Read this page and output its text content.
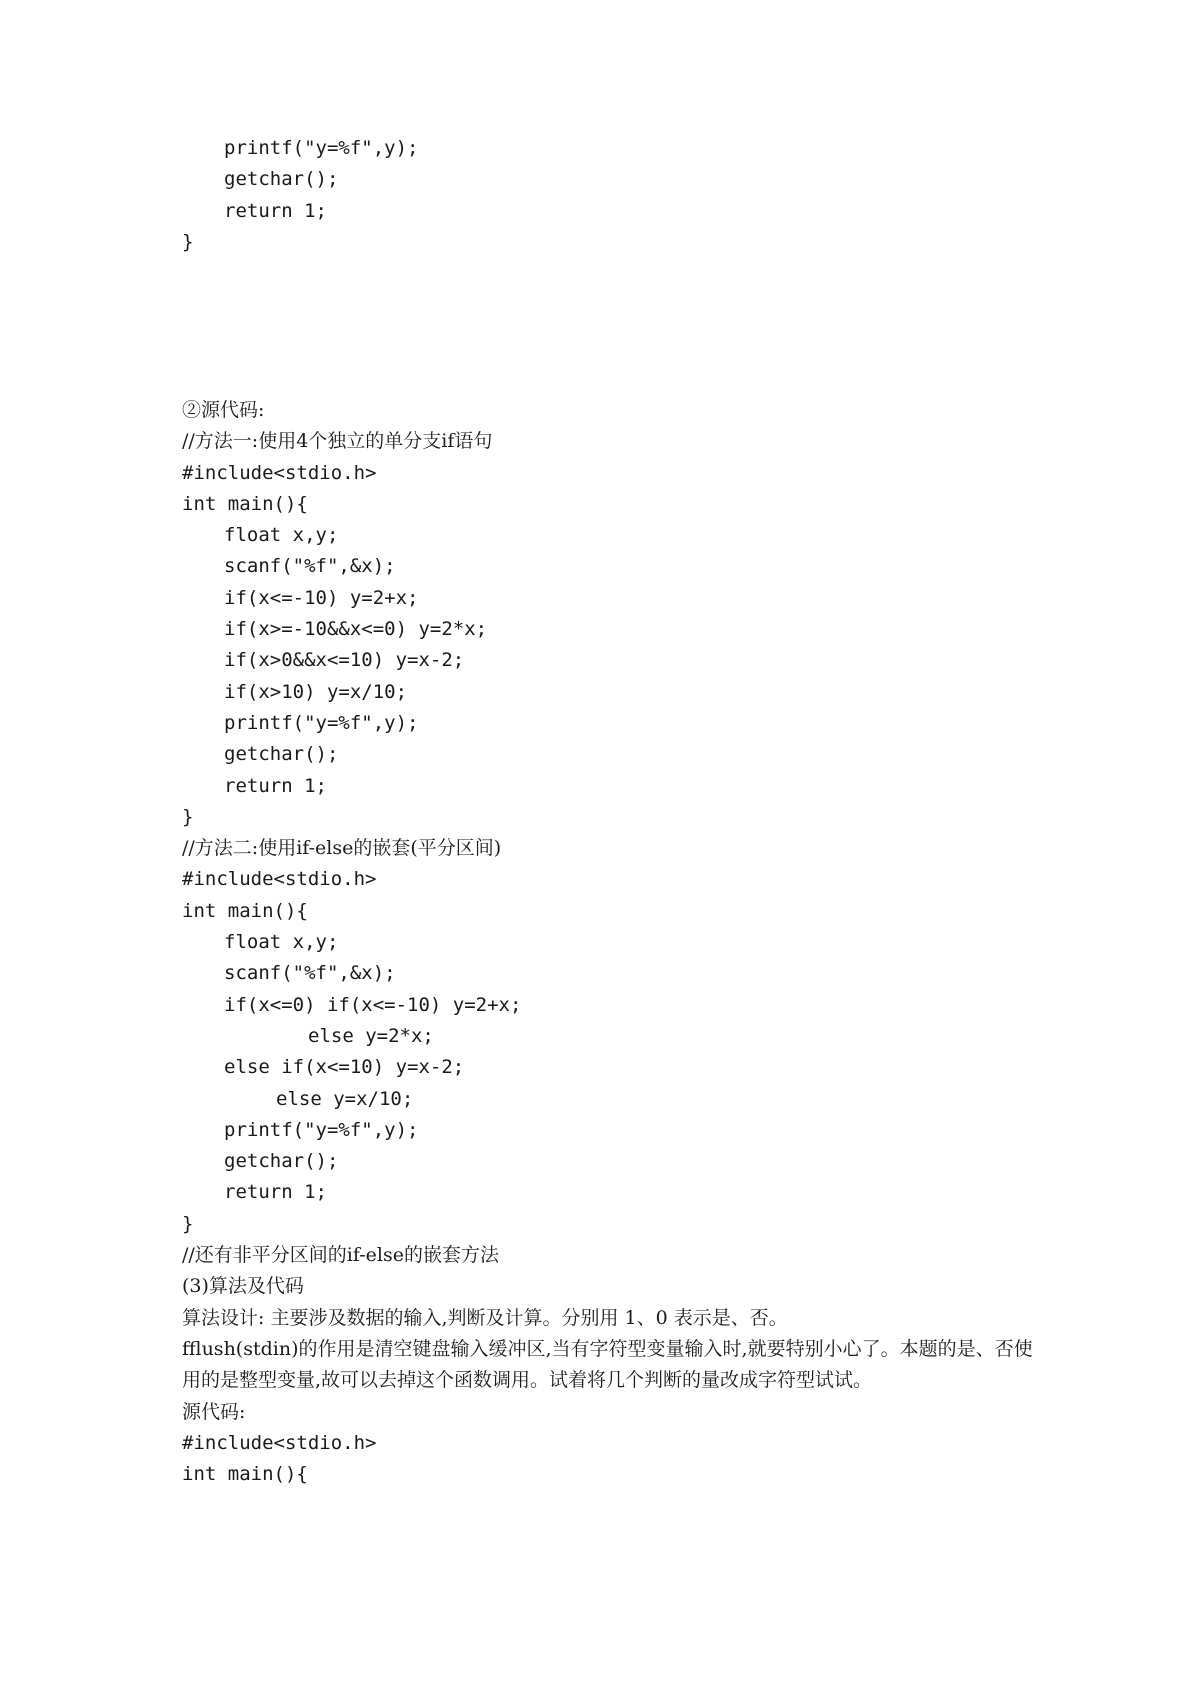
printf("y=%f",y);
getchar();
return 1;
}
②源代码:
//方法一:使用4个独立的单分支if语句
#include<stdio.h>
int main(){
float x,y;
scanf("%f",&x);
if(x<=-10) y=2+x;
if(x>=-10&&x<=0) y=2*x;
if(x>0&&x<=10) y=x-2;
if(x>10) y=x/10;
printf("y=%f",y);
getchar();
return 1;
}
//方法二:使用if-else的嵌套(平分区间)
#include<stdio.h>
int main(){
float x,y;
scanf("%f",&x);
if(x<=0) if(x<=-10) y=2+x;
else y=2*x;
else if(x<=10) y=x-2;
else y=x/10;
printf("y=%f",y);
getchar();
return 1;
}
//还有非平分区间的if-else的嵌套方法
(3)算法及代码
算法设计: 主要涉及数据的输入,判断及计算。分别用 1、0 表示是、否。
fflush(stdin)的作用是清空键盘输入缓冲区,当有字符型变量输入时,就要特别小心了。本题的是、否使用的是整型变量,故可以去掉这个函数调用。试着将几个判断的量改成字符型试试。
源代码:
#include<stdio.h>
int main(){
